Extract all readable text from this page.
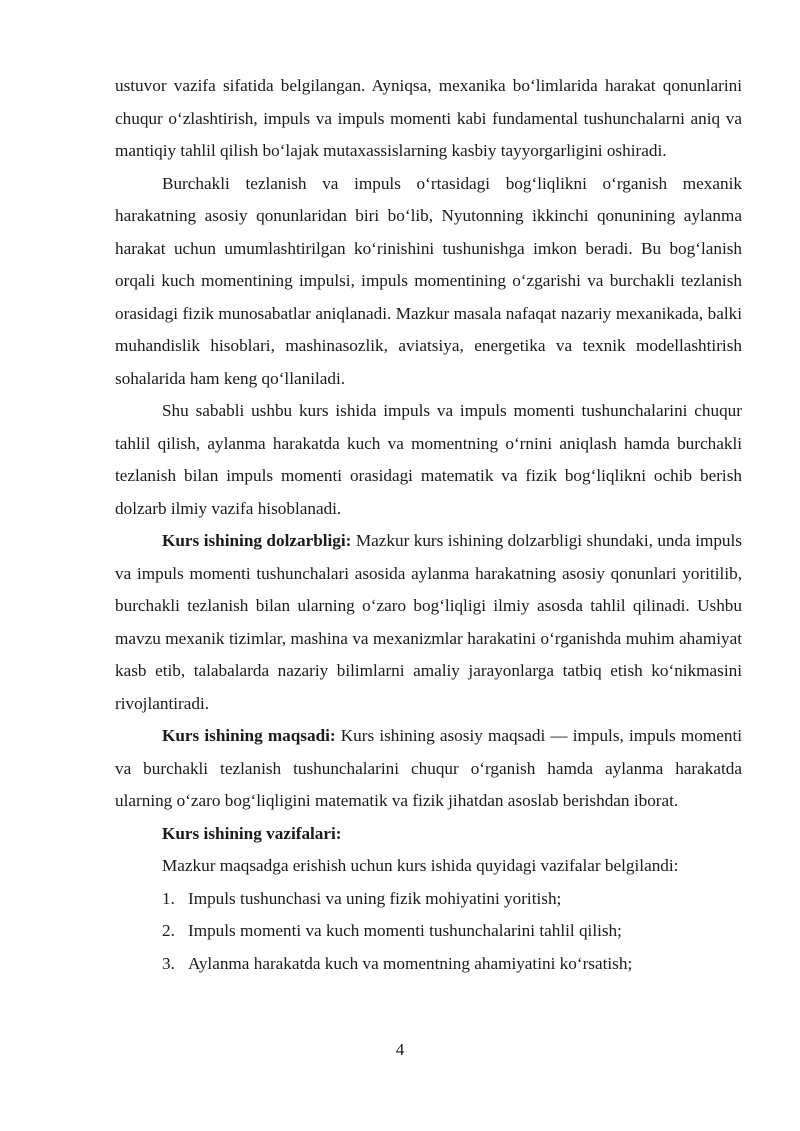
ustuvor vazifa sifatida belgilangan. Ayniqsa, mexanika boʻlimlarida harakat qonunlarini chuqur oʻzlashtirish, impuls va impuls momenti kabi fundamental tushunchalarni aniq va mantiqiy tahlil qilish boʻlajak mutaxassislarning kasbiy tayyorgarligini oshiradi.

Burchakli tezlanish va impuls oʻrtasidagi bogʻliqlikni oʻrganish mexanik harakatning asosiy qonunlaridan biri boʻlib, Nyutonning ikkinchi qonunining aylanma harakat uchun umumlashtirilgan koʻrinishini tushunishga imkon beradi. Bu bogʻlanish orqali kuch momentining impulsi, impuls momentining oʻzgarishi va burchakli tezlanish orasidagi fizik munosabatlar aniqlanadi. Mazkur masala nafaqat nazariy mexanikada, balki muhandislik hisoblari, mashinasozlik, aviatsiya, energetika va texnik modellashtirish sohalarida ham keng qoʻllaniladi.

Shu sababli ushbu kurs ishida impuls va impuls momenti tushunchalarini chuqur tahlil qilish, aylanma harakatda kuch va momentning oʻrnini aniqlash hamda burchakli tezlanish bilan impuls momenti orasidagi matematik va fizik bogʻliqlikni ochib berish dolzarb ilmiy vazifa hisoblanadi.

Kurs ishining dolzarbligi: Mazkur kurs ishining dolzarbligi shundaki, unda impuls va impuls momenti tushunchalari asosida aylanma harakatning asosiy qonunlari yoritilib, burchakli tezlanish bilan ularning oʻzaro bogʻliqligi ilmiy asosda tahlil qilinadi. Ushbu mavzu mexanik tizimlar, mashina va mexanizmlar harakatini oʻrganishda muhim ahamiyat kasb etib, talabalarda nazariy bilimlarni amaliy jarayonlarga tatbiq etish koʻnikmasini rivojlantiradi.

Kurs ishining maqsadi: Kurs ishining asosiy maqsadi — impuls, impuls momenti va burchakli tezlanish tushunchalarini chuqur oʻrganish hamda aylanma harakatda ularning oʻzaro bogʻliqligini matematik va fizik jihatdan asoslab berishdan iborat.

Kurs ishining vazifalari:

Mazkur maqsadga erishish uchun kurs ishida quyidagi vazifalar belgilandi:

1. Impuls tushunchasi va uning fizik mohiyatini yoritish;
2. Impuls momenti va kuch momenti tushunchalarini tahlil qilish;
3. Aylanma harakatda kuch va momentning ahamiyatini koʻrsatish;
4
